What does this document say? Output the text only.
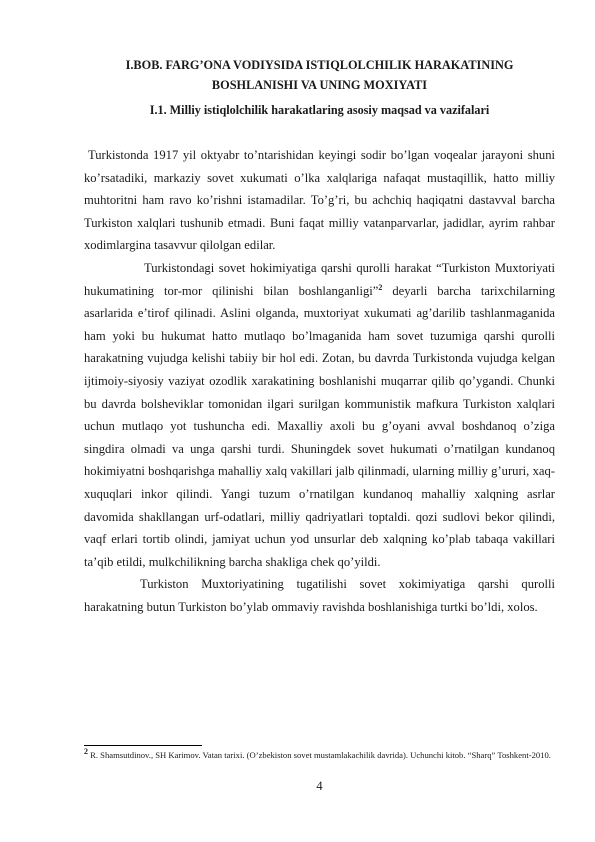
I.BOB. FARG’ONA VODIYSIDA ISTIQLOLCHILIK HARAKATINING
BOSHLANISHI VA UNING MOXIYATI
I.1. Milliy istiqlolchilik harakatlaring asosiy maqsad va vazifalari

Turkistonda 1917 yil oktyabr to’ntarishidan keyingi sodir bo’lgan voqealar jarayoni shuni ko’rsatadiki, markaziy sovet xukumati o’lka xalqlariga nafaqat mustaqillik, hatto milliy muhtoritni ham ravo ko’rishni istamadilar. To’g’ri, bu achchiq haqiqatni dastavval barcha Turkiston xalqlari tushunib etmadi. Buni faqat milliy vatanparvarlar, jadidlar, ayrim rahbar xodimlargina tasavvur qilolgan edilar.

Turkistondagi sovet hokimiyatiga qarshi qurolli harakat “Turkiston Muxtoriyati hukumatining tor-mor qilinishi bilan boshlanganligi”$^2$ deyarli barcha tarixchilarning asarlarida e’tirof qilinadi. Aslini olganda, muxtoriyat xukumati ag’darilib tashlanmaganida ham yoki bu hukumat hatto mutlaqo bo’lmaganida ham sovet tuzumiga qarshi qurolli harakatning vujudga kelishi tabiiy bir hol edi. Zotan, bu davrda Turkistonda vujudga kelgan ijtimoiy-siyosiy vaziyat ozodlik xarakatining boshlanishi muqarrar qilib qo’ygandi. Chunki bu davrda bolsheviklar tomonidan ilgari surilgan kommunistik mafkura Turkiston xalqlari uchun mutlaqo yot tushuncha edi. Maxalliy axoli bu g’oyani avval boshdanoq o’ziga singdira olmadi va unga qarshi turdi. Shuningdek sovet hukumati o’rnatilgan kundanoq hokimiyatni boshqarishga mahalliy xalq vakillari jalb qilinmadi, ularning milliy g’ururi, xaq-xuquqlari inkor qilindi. Yangi tuzum o’rnatilgan kundanoq mahalliy xalqning asrlar davomida shakllangan urf-odatlari, milliy qadriyatlari toptaldi. qozi sudlovi bekor qilindi, vaqf erlari tortib olindi, jamiyat uchun yod unsurlar deb xalqning ko’plab tabaqa vakillari ta’qib etildi, mulkchilikning barcha shakliga chek qo’yildi.

Turkiston Muxtoriyatining tugatilishi sovet xokimiyatiga qarshi qurolli harakatning butun Turkiston bo’ylab ommaviy ravishda boshlanishiga turtki bo’ldi, xolos.

$^2$ R. Shamsutdinov., SH Karimov. Vatan tarixi. (O’zbekiston sovet mustamlakachilik davrida). Uchunchi kitob. “Sharq” Toshkent-2010.
4
